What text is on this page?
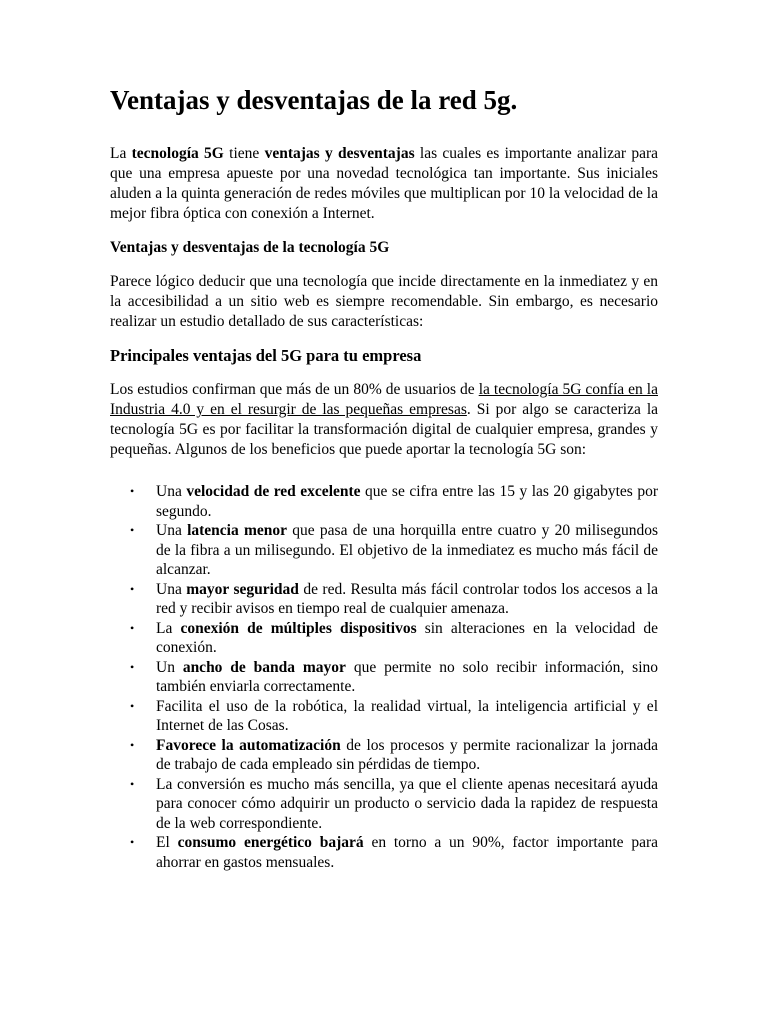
Ventajas y desventajas de la red 5g.

La tecnología 5G tiene ventajas y desventajas las cuales es importante analizar para que una empresa apueste por una novedad tecnológica tan importante. Sus iniciales aluden a la quinta generación de redes móviles que multiplican por 10 la velocidad de la mejor fibra óptica con conexión a Internet.

Ventajas y desventajas de la tecnología 5G

Parece lógico deducir que una tecnología que incide directamente en la inmediatez y en la accesibilidad a un sitio web es siempre recomendable. Sin embargo, es necesario realizar un estudio detallado de sus características:

Principales ventajas del 5G para tu empresa

Los estudios confirman que más de un 80% de usuarios de la tecnología 5G confía en la Industria 4.0 y en el resurgir de las pequeñas empresas. Si por algo se caracteriza la tecnología 5G es por facilitar la transformación digital de cualquier empresa, grandes y pequeñas. Algunos de los beneficios que puede aportar la tecnología 5G son:

• Una velocidad de red excelente que se cifra entre las 15 y las 20 gigabytes por segundo.
• Una latencia menor que pasa de una horquilla entre cuatro y 20 milisegundos de la fibra a un milisegundo. El objetivo de la inmediatez es mucho más fácil de alcanzar.
• Una mayor seguridad de red. Resulta más fácil controlar todos los accesos a la red y recibir avisos en tiempo real de cualquier amenaza.
• La conexión de múltiples dispositivos sin alteraciones en la velocidad de conexión.
• Un ancho de banda mayor que permite no solo recibir información, sino también enviarla correctamente.
• Facilita el uso de la robótica, la realidad virtual, la inteligencia artificial y el Internet de las Cosas.
• Favorece la automatización de los procesos y permite racionalizar la jornada de trabajo de cada empleado sin pérdidas de tiempo.
• La conversión es mucho más sencilla, ya que el cliente apenas necesitará ayuda para conocer cómo adquirir un producto o servicio dada la rapidez de respuesta de la web correspondiente.
• El consumo energético bajará en torno a un 90%, factor importante para ahorrar en gastos mensuales.
